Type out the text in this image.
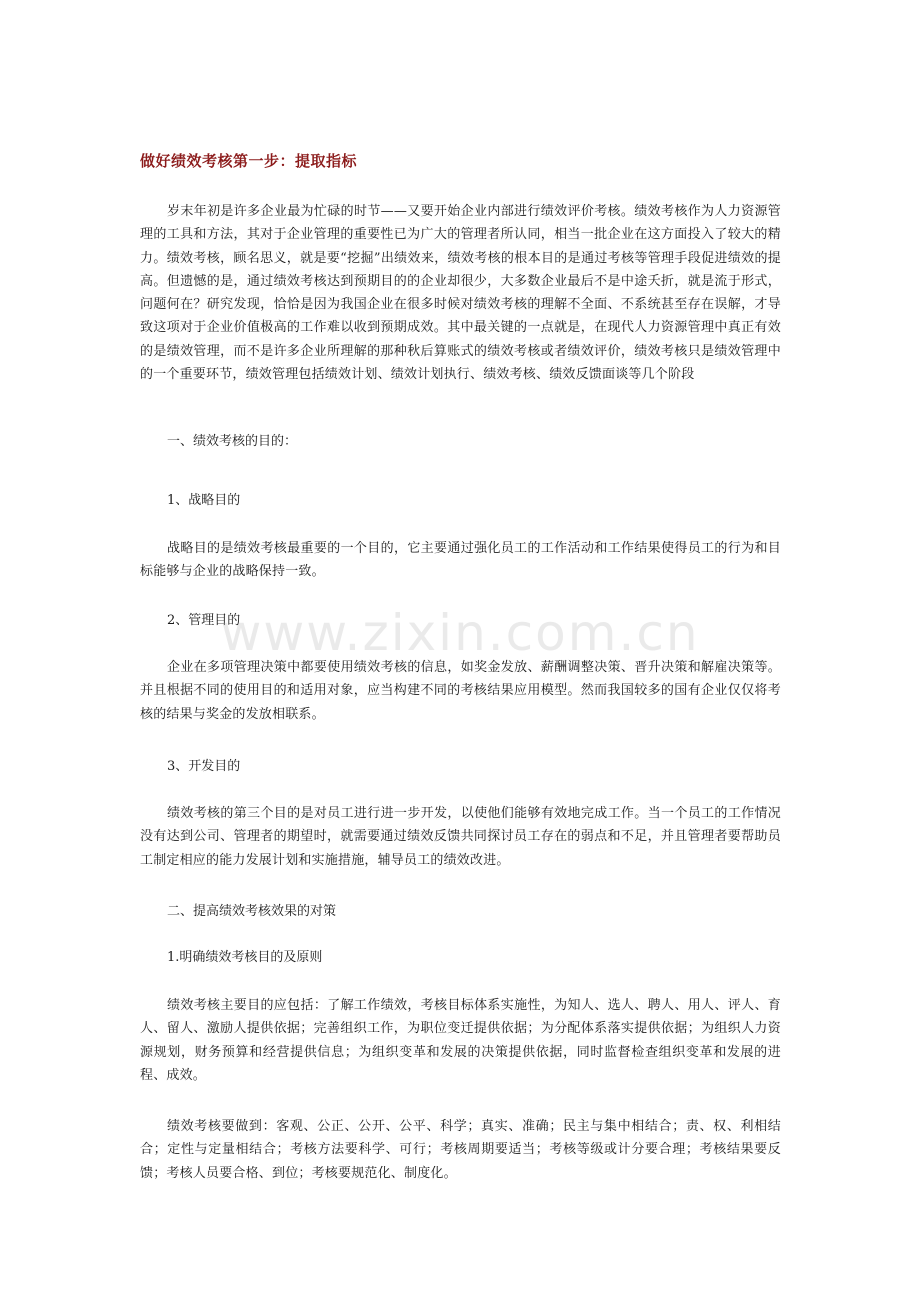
做好绩效考核第一步：提取指标

岁末年初是许多企业最为忙碌的时节——又要开始企业内部进行绩效评价考核。绩效考核作为人力资源管理的工具和方法，其对于企业管理的重要性已为广大的管理者所认同，相当一批企业在这方面投入了较大的精力。绩效考核，顾名思义，就是要“挖掘”出绩效来，绩效考核的根本目的是通过考核等管理手段促进绩效的提高。但遗憾的是，通过绩效考核达到预期目的的企业却很少，大多数企业最后不是中途夭折，就是流于形式，问题何在？研究发现，恰恰是因为我国企业在很多时候对绩效考核的理解不全面、不系统甚至存在误解，才导致这项对于企业价值极高的工作难以收到预期成效。其中最关键的一点就是，在现代人力资源管理中真正有效的是绩效管理，而不是许多企业所理解的那种秋后算账式的绩效考核或者绩效评价，绩效考核只是绩效管理中的一个重要环节，绩效管理包括绩效计划、绩效计划执行、绩效考核、绩效反馈面谈等几个阶段

一、绩效考核的目的：

1、战略目的

战略目的是绩效考核最重要的一个目的，它主要通过强化员工的工作活动和工作结果使得员工的行为和目标能够与企业的战略保持一致。

2、管理目的

企业在多项管理决策中都要使用绩效考核的信息，如奖金发放、薪酬调整决策、晋升决策和解雇决策等。并且根据不同的使用目的和适用对象，应当构建不同的考核结果应用模型。然而我国较多的国有企业仅仅将考核的结果与奖金的发放相联系。

3、开发目的

绩效考核的第三个目的是对员工进行进一步开发，以使他们能够有效地完成工作。当一个员工的工作情况没有达到公司、管理者的期望时，就需要通过绩效反馈共同探讨员工存在的弱点和不足，并且管理者要帮助员工制定相应的能力发展计划和实施措施，辅导员工的绩效改进。

二、提高绩效考核效果的对策

1.明确绩效考核目的及原则

绩效考核主要目的应包括：了解工作绩效，考核目标体系实施性，为知人、选人、聘人、用人、评人、育人、留人、激励人提供依据；完善组织工作，为职位变迁提供依据；为分配体系落实提供依据；为组织人力资源规划，财务预算和经营提供信息；为组织变革和发展的决策提供依据，同时监督检查组织变革和发展的进程、成效。

绩效考核要做到：客观、公正、公开、公平、科学；真实、准确；民主与集中相结合；责、权、利相结合；定性与定量相结合；考核方法要科学、可行；考核周期要适当；考核等级或计分要合理；考核结果要反馈；考核人员要合格、到位；考核要规范化、制度化。

www.zixin.com.cn
